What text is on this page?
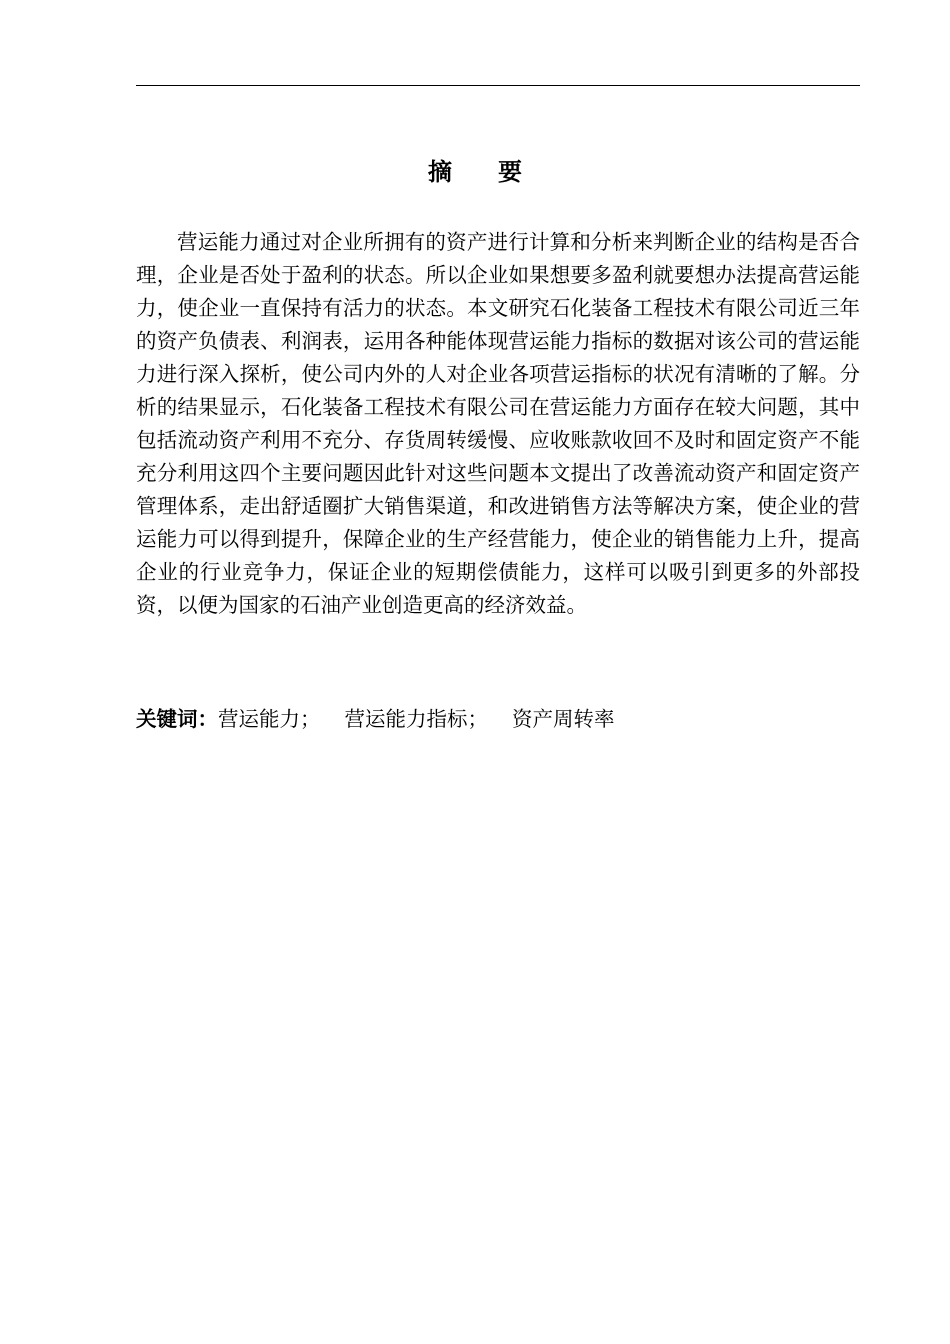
摘 要

营运能力通过对企业所拥有的资产进行计算和分析来判断企业的结构是否合理，企业是否处于盈利的状态。所以企业如果想要多盈利就要想办法提高营运能力，使企业一直保持有活力的状态。本文研究石化装备工程技术有限公司近三年的资产负债表、利润表，运用各种能体现营运能力指标的数据对该公司的营运能力进行深入探析，使公司内外的人对企业各项营运指标的状况有清晰的了解。分析的结果显示，石化装备工程技术有限公司在营运能力方面存在较大问题，其中包括流动资产利用不充分、存货周转缓慢、应收账款收回不及时和固定资产不能充分利用这四个主要问题因此针对这些问题本文提出了改善流动资产和固定资产管理体系，走出舒适圈扩大销售渠道，和改进销售方法等解决方案，使企业的营运能力可以得到提升，保障企业的生产经营能力，使企业的销售能力上升，提高企业的行业竞争力，保证企业的短期偿债能力，这样可以吸引到更多的外部投资，以便为国家的石油产业创造更高的经济效益。

关键词：营运能力； 营运能力指标； 资产周转率
